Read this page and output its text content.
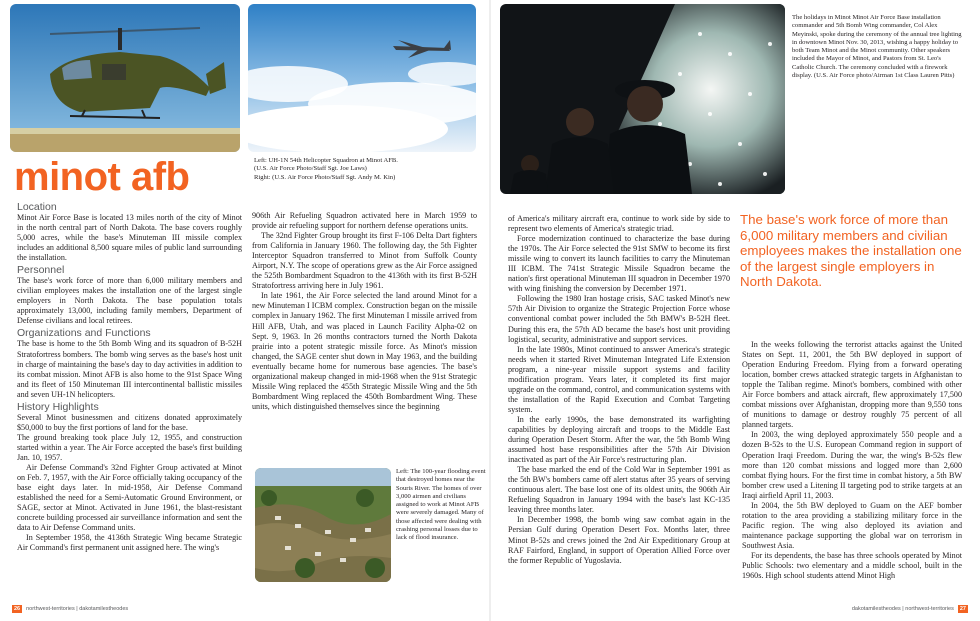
Left: UH-1N 54th Helicopter Squadron at Minot AFB.
(U.S. Air Force Photo/Staff Sgt. Joe Laws)
Right: (U.S. Air Force Photo/Staff Sgt. Andy M. Kin)
The holidays in Minot Minot Air Force Base installation commander and 5th Bomb Wing commander, Col Alex Meyinski, spoke during the ceremony of the annual tree lighting in downtown Minot Nov. 30, 2013, wishing a happy holiday to both Team Minot and the Minot community. Other speakers included the Mayor of Minot, and Pastors from St. Leo's Catholic Church. The ceremony concluded with a firework display. (U.S. Air Force photo/Airman 1st Class Lauren Pitts)
Left: The 100-year flooding event that destroyed homes near the Souris River. The homes of over 3,000 airmen and civilians assigned to work at Minot AFB were severely damaged. Many of those affected were dealing with crashing personal losses due to lack of flood insurance.
minot afb
Location

Minot Air Force Base is located 13 miles north of the city of Minot in the north central part of North Dakota. The base covers roughly 5,000 acres, while the base's Minuteman III missile complex includes an additional 8,500 square miles of public land surrounding the installation.

Personnel

The base's work force of more than 6,000 military members and civilian employees makes the installation one of the largest single employers in North Dakota. The base population totals approximately 13,000, including family members, Department of Defense civilians and local retirees.

Organizations and Functions

The base is home to the 5th Bomb Wing and its squadron of B-52H Stratofortress bombers. The bomb wing serves as the base's host unit in charge of maintaining the base's day to day activities in addition to its combat mission. Minot AFB is also home to the 91st Space Wing and its fleet of 150 Minuteman III intercontinental ballistic missiles and seven UH-1N helicopters.

History Highlights

Several Minot businessmen and citizens donated approximately $50,000 to buy the first portions of land for the base.

The ground breaking took place July 12, 1955, and construction started within a year. The Air Force accepted the base's first building Jan. 10, 1957.

Air Defense Command's 32nd Fighter Group activated at Minot on Feb. 7, 1957, with the Air Force officially taking occupancy of the base eight days later. In mid-1958, Air Defense Command established the need for a Semi-Automatic Ground Environment, or SAGE, sector at Minot. Activated in June 1961, the blast-resistant concrete building processed air surveillance information and sent the data to Air Defense Command units.

In September 1958, the 4136th Strategic Wing became Strategic Air Command's first permanent unit assigned here. The wing's

906th Air Refueling Squadron activated here in March 1959 to provide air refueling support for northern defense operations units.

The 32nd Fighter Group brought its first F-106 Delta Dart fighters from California in January 1960. The following day, the 5th Fighter Interceptor Squadron transferred to Minot from Suffolk County Airport, N.Y. The scope of operations grew as the Air Force assigned the 525th Bombardment Squadron to the 4136th with its first B-52H Stratofortress arriving here in July 1961.

In late 1961, the Air Force selected the land around Minot for a new Minuteman I ICBM complex. Construction began on the missile complex in January 1962. The first Minuteman I missile arrived from Hill AFB, Utah, and was placed in Launch Facility Alpha-02 on Sept. 9, 1963. In 26 months contractors turned the North Dakota prairie into a potent strategic missile force. As Minot's mission changed, the SAGE center shut down in May 1963, and the building eventually became home for numerous base agencies. The base's organizational makeup changed in mid-1968 when the 91st Strategic Missile Wing replaced the 455th Strategic Missile Wing and the 5th Bombardment Wing replaced the 450th Bombardment Wing. These units, which distinguished themselves since the beginning

of America's military aircraft era, continue to work side by side to represent two elements of America's strategic triad.

Force modernization continued to characterize the base during the 1970s. The Air Force selected the 91st SMW to become its first missile wing to convert its launch facilities to carry the Minuteman III ICBM. The 741st Strategic Missile Squadron became the nation's first operational Minuteman III squadron in December 1970 with wing finishing the conversion by December 1971.

Following the 1980 Iran hostage crisis, SAC tasked Minot's new 57th Air Division to organize the Strategic Projection Force whose conventional combat power included the 5th BMW's B-52H fleet. During this era, the 57th AD became the base's host unit providing logistical, security, administrative and support services.

In the late 1980s, Minot continued to answer America's strategic needs when it started Rivet Minuteman Integrated Life Extension program, a nine-year missile support systems and facility modification program. Years later, it completed its first major upgrade on the command, control, and communication systems with the installation of the Rapid Execution and Combat Targeting system.

In the early 1990s, the base demonstrated its warfighting capabilities by deploying aircraft and troops to the Middle East during Operation Desert Storm. After the war, the 5th Bomb Wing assumed host base responsibilities after the 57th Air Division inactivated as part of the Air Force's restructuring plan.

The base marked the end of the Cold War in September 1991 as the 5th BW's bombers came off alert status after 35 years of serving continuous alert. The base lost one of its oldest units, the 906th Air Refueling Squadron in January 1994 with the base's last KC-135 leaving three months later.

In December 1998, the bomb wing saw combat again in the Persian Gulf during Operation Desert Fox. Months later, three Minot B-52s and crews joined the 2nd Air Expeditionary Group at RAF Fairford, England, in support of Operation Allied Force over the former Republic of Yugoslavia.

The base's work force of more than 6,000 military members and civilian employees makes the installation one of the largest single employers in North Dakota.

In the weeks following the terrorist attacks against the United States on Sept. 11, 2001, the 5th BW deployed in support of Operation Enduring Freedom. Flying from a forward operating location, bomber crews attacked strategic targets in Afghanistan to topple the Taliban regime. Minot's bombers, combined with other Air Force bombers and attack aircraft, flew approximately 17,500 combat missions over Afghanistan, dropping more than 9,550 tons of munitions to damage or destroy roughly 75 percent of all planned targets.

In 2003, the wing deployed approximately 550 people and a dozen B-52s to the U.S. European Command region in support of Operation Iraqi Freedom. During the war, the wing's B-52s flew more than 120 combat missions and logged more than 2,600 combat flying hours. For the first time in combat history, a 5th BW bomber crew used a Litening II targeting pod to strike targets at an Iraqi airfield April 11, 2003.

In 2004, the 5th BW deployed to Guam on the AEF bomber rotation to the area providing a stabilizing military force in the Pacific region. The wing also deployed its aviation and maintenance package supporting the global war on terrorism in Southwest Asia.

For its dependents, the base has three schools operated by Minot Public Schools: two elementary and a middle school, built in the 1960s. High school students attend Minot High

26	northwest-territories | dakotamilestheodes	dakotamilestheodes | northwest-territories	27
